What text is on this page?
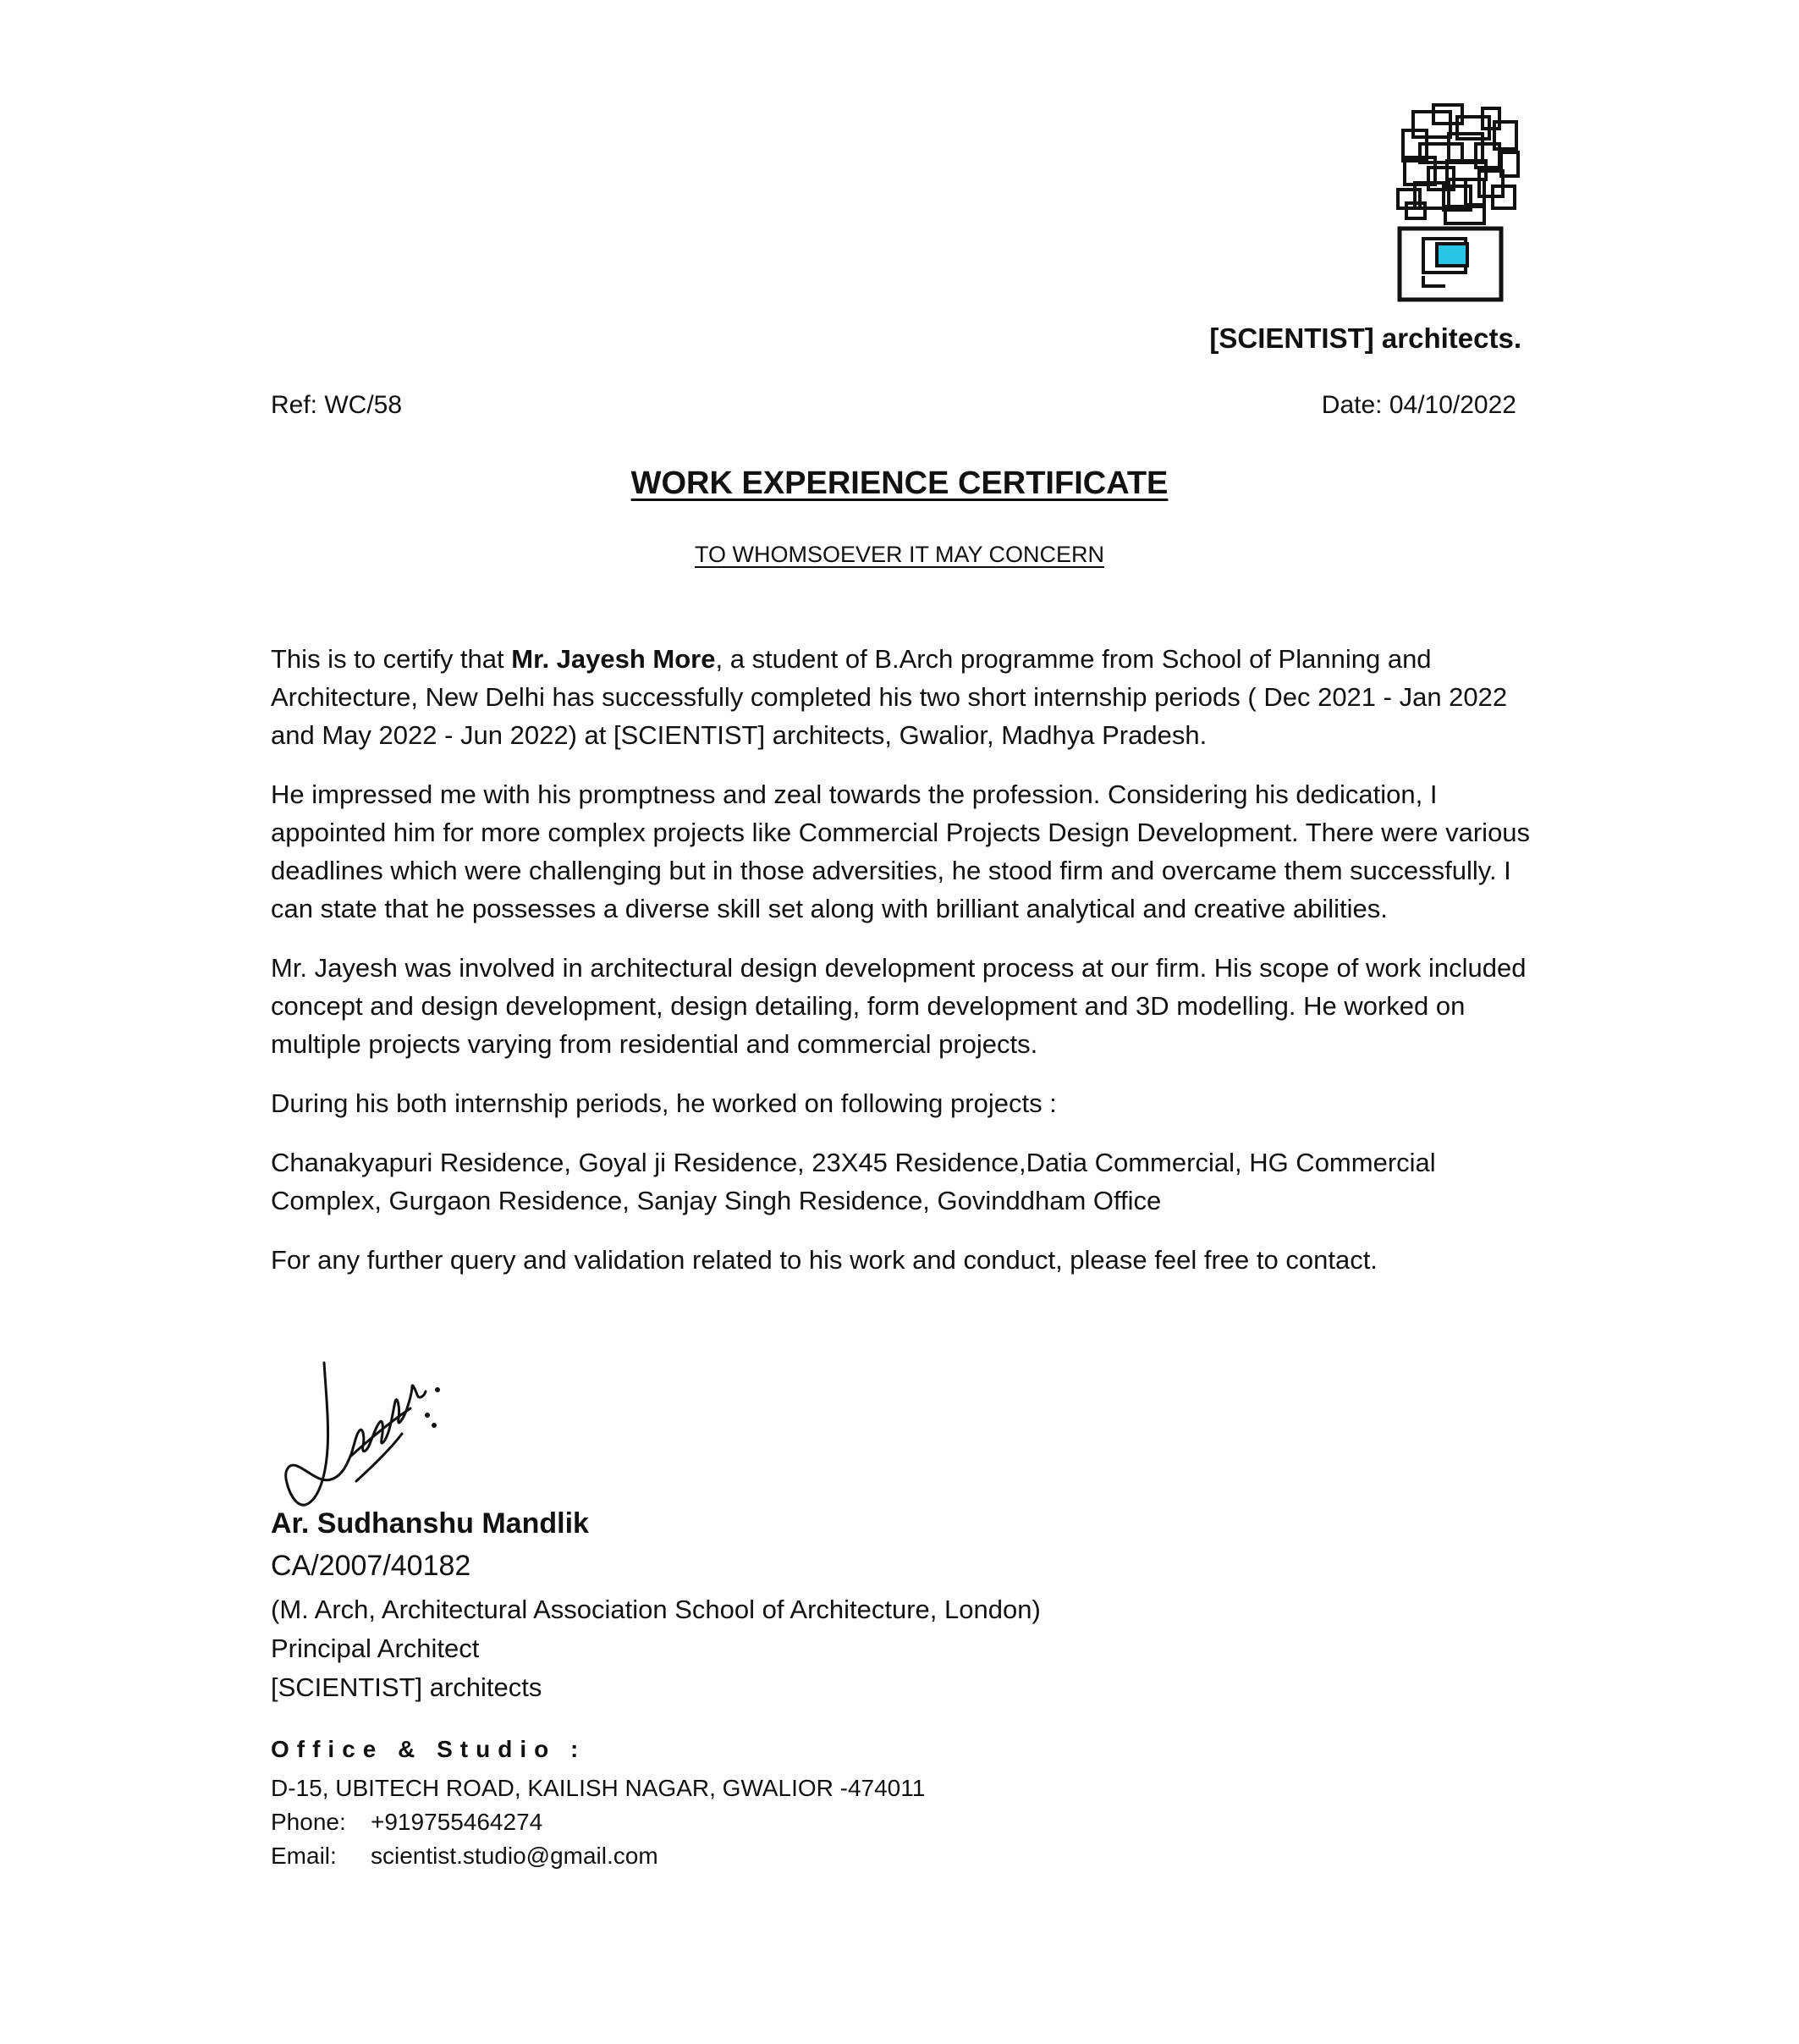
[SCIENTIST] architects.
Ref: WC/58	Date: 04/10/2022
WORK EXPERIENCE CERTIFICATE
TO WHOMSOEVER IT MAY CONCERN

This is to certify that Mr. Jayesh More, a student of B.Arch programme from School of Planning and Architecture, New Delhi has successfully completed his two short internship periods ( Dec 2021 - Jan 2022 and May 2022 - Jun 2022) at [SCIENTIST] architects, Gwalior, Madhya Pradesh.

He impressed me with his promptness and zeal towards the profession. Considering his dedication, I appointed him for more complex projects like Commercial Projects Design Development. There were various deadlines which were challenging but in those adversities, he stood firm and overcame them successfully. I can state that he possesses a diverse skill set along with brilliant analytical and creative abilities.

Mr. Jayesh was involved in architectural design development process at our firm. His scope of work included concept and design development, design detailing, form development and 3D modelling. He worked on multiple projects varying from residential and commercial projects.

During his both internship periods, he worked on following projects :

Chanakyapuri Residence, Goyal ji Residence, 23X45 Residence,Datia Commercial, HG Commercial Complex, Gurgaon Residence, Sanjay Singh Residence, Govinddham Office

For any further query and validation related to his work and conduct, please feel free to contact.

Ar. Sudhanshu Mandlik
CA/2007/40182
(M. Arch, Architectural Association School of Architecture, London)
Principal Architect
[SCIENTIST] architects
Office & Studio :
D-15, UBITECH ROAD, KAILISH NAGAR, GWALIOR -474011
Phone: +919755464274
Email: scientist.studio@gmail.com
